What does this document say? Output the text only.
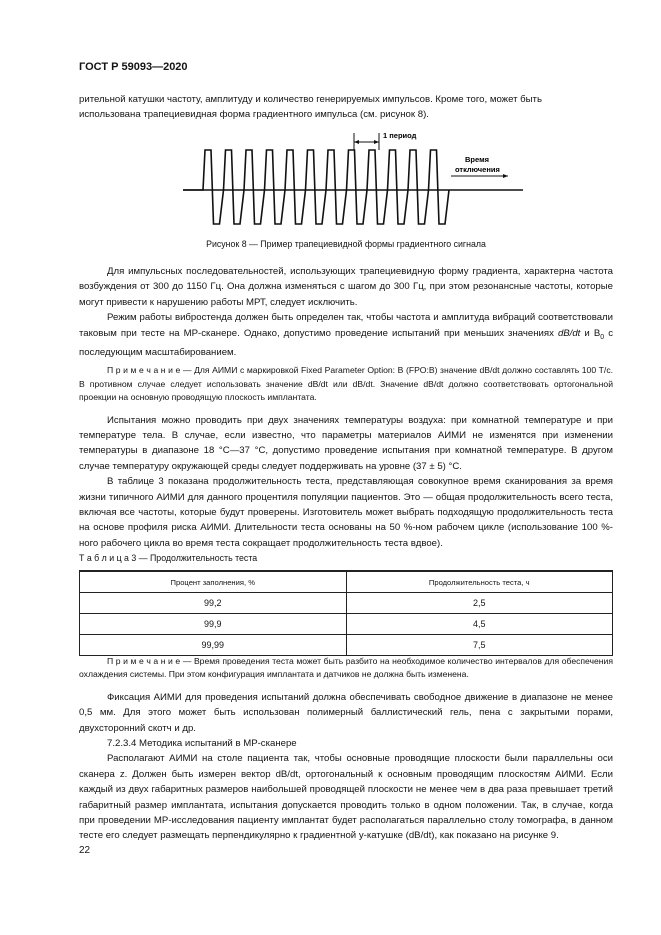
ГОСТ Р 59093—2020

рительной катушки частоту, амплитуду и количество генерируемых импульсов. Кроме того, может быть

использована трапециевидная форма градиентного импульса (см. рисунок 8).

1 период
Время
отключения
Рисунок 8 — Пример трапециевидной формы градиентного сигнала

Для импульсных последовательностей, использующих трапециевидную форму градиента, характерна частота возбуждения от 300 до 1150 Гц. Она должна изменяться с шагом до 300 Гц, при этом резонансные частоты, которые могут привести к нарушению работы МРТ, следует исключить.

Режим работы вибростенда должен быть определен так, чтобы частота и амплитуда вибраций соответствовали таковым при тесте на МР-сканере. Однако, допустимо проведение испытаний при меньших значениях dB/dt и $B_0$ с последующим масштабированием.

П р и м е ч а н и е — Для АИМИ с маркировкой Fixed Parameter Option: B (FPO:B) значение dB/dt должно составлять 100 Т/с. В противном случае следует использовать значение dB/dt или dB/dt. Значение dB/dt должно соответствовать ортогональной проекции на основную проводящую плоскость имплантата.

Испытания можно проводить при двух значениях температуры воздуха: при комнатной температуре и при температуре тела. В случае, если известно, что параметры материалов АИМИ не изменятся при изменении температуры в диапазоне 18 °С—37 °С, допустимо проведение испытания при комнатной температуре. В другом случае температуру окружающей среды следует поддерживать на уровне (37 ± 5) °С.

В таблице 3 показана продолжительность теста, представляющая совокупное время сканирования за время жизни типичного АИМИ для данного процентиля популяции пациентов. Это — общая продолжительность всего теста, включая все частоты, которые будут проверены. Изготовитель может выбрать подходящую продолжительность теста на основе профиля риска АИМИ. Длительности теста основаны на 50 %-ном рабочем цикле (использование 100 %-ного рабочего цикла во время теста сокращает продолжительность теста вдвое).

Т а б л и ц а 3 — Продолжительность теста
Процент заполнения, %	Продолжительность теста, ч
99,2	2,5
99,9	4,5
99,99	7,5

П р и м е ч а н и е — Время проведения теста может быть разбито на необходимое количество интервалов для обеспечения охлаждения системы. При этом конфигурация имплантата и датчиков не должна быть изменена.

Фиксация АИМИ для проведения испытаний должна обеспечивать свободное движение в диапазоне не менее 0,5 мм. Для этого может быть использован полимерный баллистический гель, пена с закрытыми порами, двухсторонний скотч и др.

7.2.3.4 Методика испытаний в МР-сканере

Располагают АИМИ на столе пациента так, чтобы основные проводящие плоскости были параллельны оси сканера z. Должен быть измерен вектор dB/dt, ортогональный к основным проводящим плоскостям АИМИ. Если каждый из двух габаритных размеров наибольшей проводящей плоскости не менее чем в два раза превышает третий габаритный размер имплантата, испытания допускается проводить только в одном положении. Так, в случае, когда при проведении МР-исследования пациенту имплантат будет располагаться параллельно столу томографа, в данном тесте его следует размещать перпендикулярно к градиентной y-катушке (dB/dt), как показано на рисунке 9.

22
